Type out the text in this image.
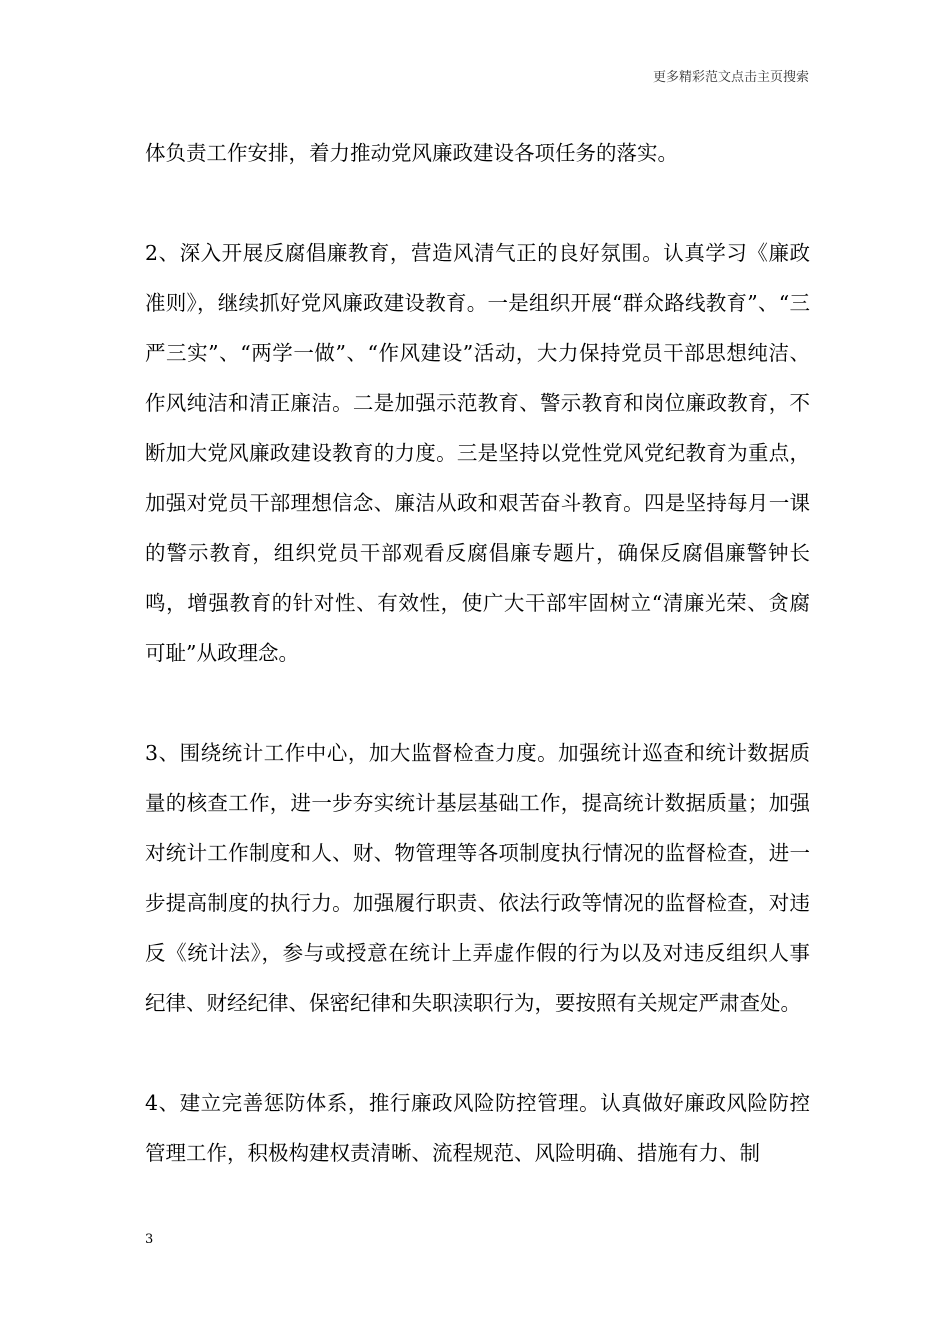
更多精彩范文点击主页搜索

体负责工作安排，着力推动党风廉政建设各项任务的落实。

2、深入开展反腐倡廉教育，营造风清气正的良好氛围。认真学习《廉政准则》，继续抓好党风廉政建设教育。一是组织开展“群众路线教育”、“三严三实”、“两学一做”、“作风建设”活动，大力保持党员干部思想纯洁、作风纯洁和清正廉洁。二是加强示范教育、警示教育和岗位廉政教育，不断加大党风廉政建设教育的力度。三是坚持以党性党风党纪教育为重点，加强对党员干部理想信念、廉洁从政和艰苦奋斗教育。四是坚持每月一课的警示教育，组织党员干部观看反腐倡廉专题片，确保反腐倡廉警钟长鸣，增强教育的针对性、有效性，使广大干部牢固树立“清廉光荣、贪腐可耻”从政理念。

3、围绕统计工作中心，加大监督检查力度。加强统计巡查和统计数据质量的核查工作，进一步夯实统计基层基础工作，提高统计数据质量；加强对统计工作制度和人、财、物管理等各项制度执行情况的监督检查，进一步提高制度的执行力。加强履行职责、依法行政等情况的监督检查，对违反《统计法》，参与或授意在统计上弄虚作假的行为以及对违反组织人事纪律、财经纪律、保密纪律和失职渎职行为，要按照有关规定严肃查处。

4、建立完善惩防体系，推行廉政风险防控管理。认真做好廉政风险防控管理工作，积极构建权责清晰、流程规范、风险明确、措施有力、制

3
